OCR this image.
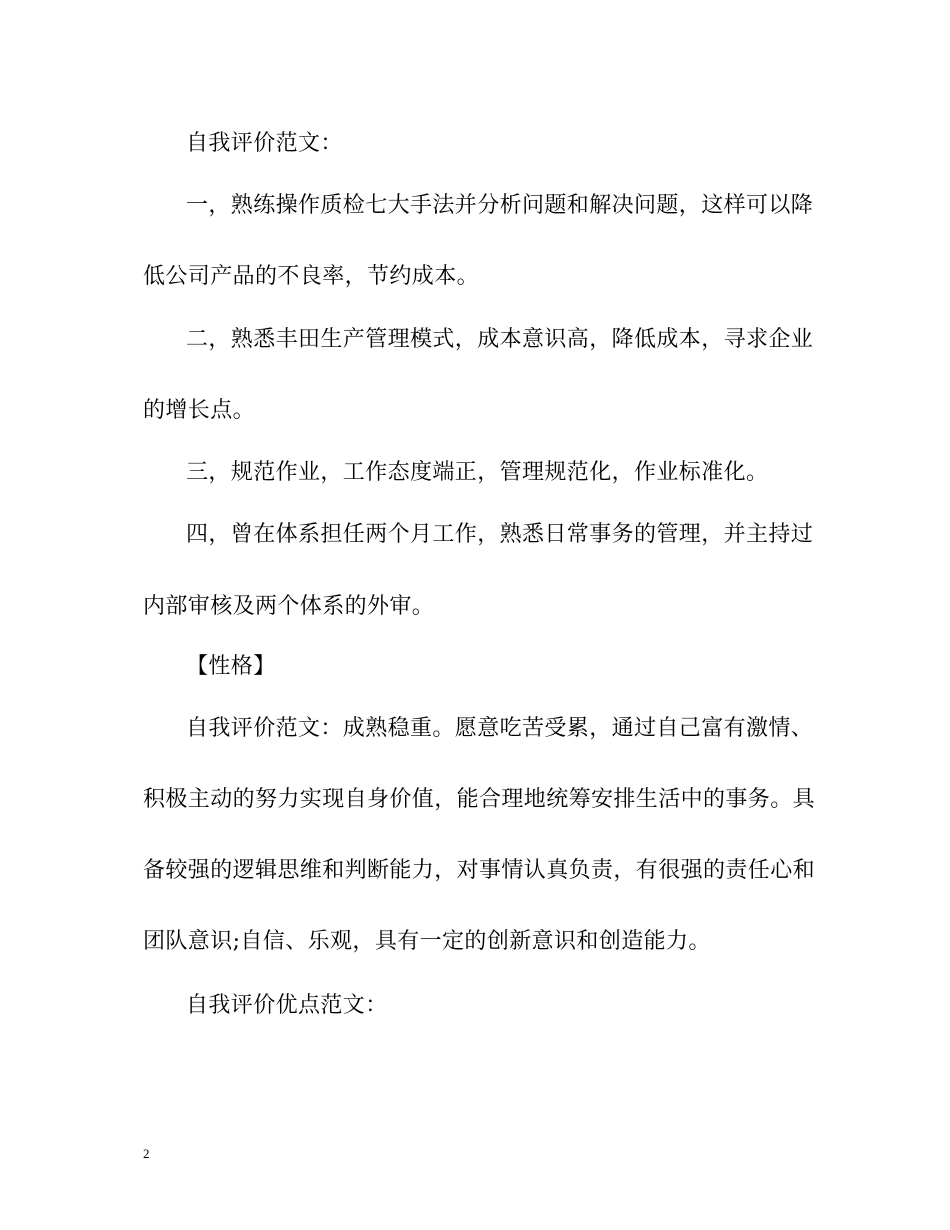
自我评价范文：
一，熟练操作质检七大手法并分析问题和解决问题，这样可以降
低公司产品的不良率，节约成本。
二，熟悉丰田生产管理模式，成本意识高，降低成本，寻求企业
的增长点。
三，规范作业，工作态度端正，管理规范化，作业标准化。
四，曾在体系担任两个月工作，熟悉日常事务的管理，并主持过
内部审核及两个体系的外审。
【性格】
自我评价范文：成熟稳重。愿意吃苦受累，通过自己富有激情、
积极主动的努力实现自身价值，能合理地统筹安排生活中的事务。具
备较强的逻辑思维和判断能力，对事情认真负责，有很强的责任心和
团队意识;自信、乐观，具有一定的创新意识和创造能力。
自我评价优点范文：
2
